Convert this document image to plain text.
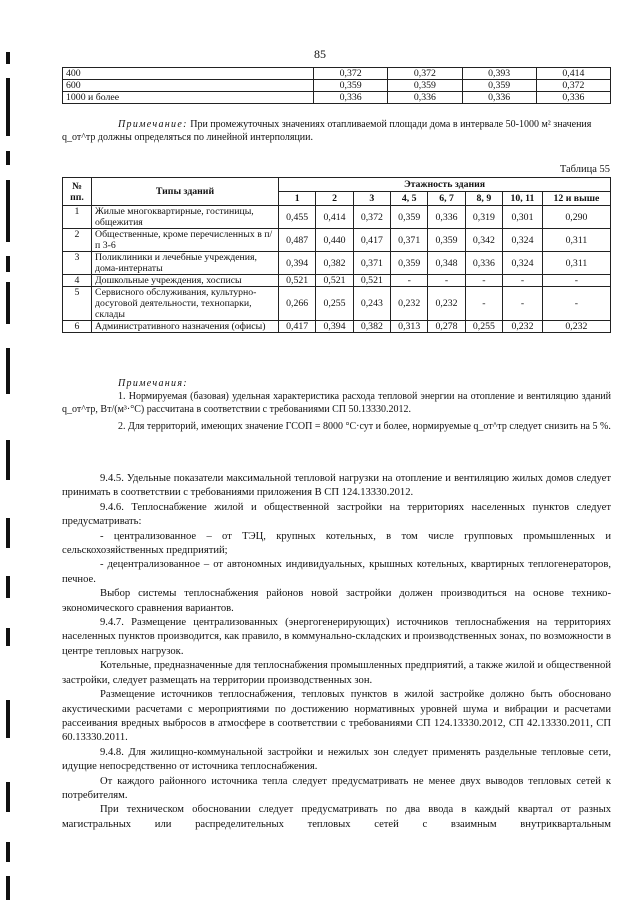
85
400	0,372	0,372	0,393	0,414
600	0,359	0,359	0,359	0,372
1000 и более	0,336	0,336	0,336	0,336
Примечание: При промежуточных значениях отапливаемой площади дома в интервале 50-1000 м² значения q_от^тр должны определяться по линейной интерполяции.
Таблица 55
№ пп.	Типы зданий	Этажность здания							
		1	2	3	4, 5	6, 7	8, 9	10, 11	12 и выше
1	Жилые многоквартирные, гостиницы, общежития	0,455	0,414	0,372	0,359	0,336	0,319	0,301	0,290
2	Общественные, кроме перечисленных в п/п 3-6	0,487	0,440	0,417	0,371	0,359	0,342	0,324	0,311
3	Поликлиники и лечебные учреждения, дома-интернаты	0,394	0,382	0,371	0,359	0,348	0,336	0,324	0,311
4	Дошкольные учреждения, хосписы	0,521	0,521	0,521	-	-	-	-	-
5	Сервисного обслуживания, культурно-досуговой деятельности, технопарки, склады	0,266	0,255	0,243	0,232	0,232	-	-	-
6	Административного назначения (офисы)	0,417	0,394	0,382	0,313	0,278	0,255	0,232	0,232
Примечания:

1. Нормируемая (базовая) удельная характеристика расхода тепловой энергии на отопление и вентиляцию зданий q_от^тр, Вт/(м³·°С) рассчитана в соответствии с требованиями СП 50.13330.2012.

2. Для территорий, имеющих значение ГСОП = 8000 °С·сут и более, нормируемые q_от^тр следует снизить на 5 %.

9.4.5. Удельные показатели максимальной тепловой нагрузки на отопление и вентиляцию жилых домов следует принимать в соответствии с требованиями приложения В СП 124.13330.2012.

9.4.6. Теплоснабжение жилой и общественной застройки на территориях населенных пунктов следует предусматривать:

- централизованное – от ТЭЦ, крупных котельных, в том числе групповых промышленных и сельскохозяйственных предприятий;

- децентрализованное – от автономных индивидуальных, крышных котельных, квартирных теплогенераторов, печное.

Выбор системы теплоснабжения районов новой застройки должен производиться на основе технико-экономического сравнения вариантов.

9.4.7. Размещение централизованных (энергогенерирующих) источников теплоснабжения на территориях населенных пунктов производится, как правило, в коммунально-складских и производственных зонах, по возможности в центре тепловых нагрузок.

Котельные, предназначенные для теплоснабжения промышленных предприятий, а также жилой и общественной застройки, следует размещать на территории производственных зон.

Размещение источников теплоснабжения, тепловых пунктов в жилой застройке должно быть обосновано акустическими расчетами с мероприятиями по достижению нормативных уровней шума и вибрации и расчетами рассеивания вредных выбросов в атмосфере в соответствии с требованиями СП 124.13330.2012, СП 42.13330.2011, СП 60.13330.2011.

9.4.8. Для жилищно-коммунальной застройки и нежилых зон следует применять раздельные тепловые сети, идущие непосредственно от источника теплоснабжения.

От каждого районного источника тепла следует предусматривать не менее двух выводов тепловых сетей к потребителям.

При техническом обосновании следует предусматривать по два ввода в каждый квартал от разных магистральных или распределительных тепловых сетей с взаимным внутриквартальным
